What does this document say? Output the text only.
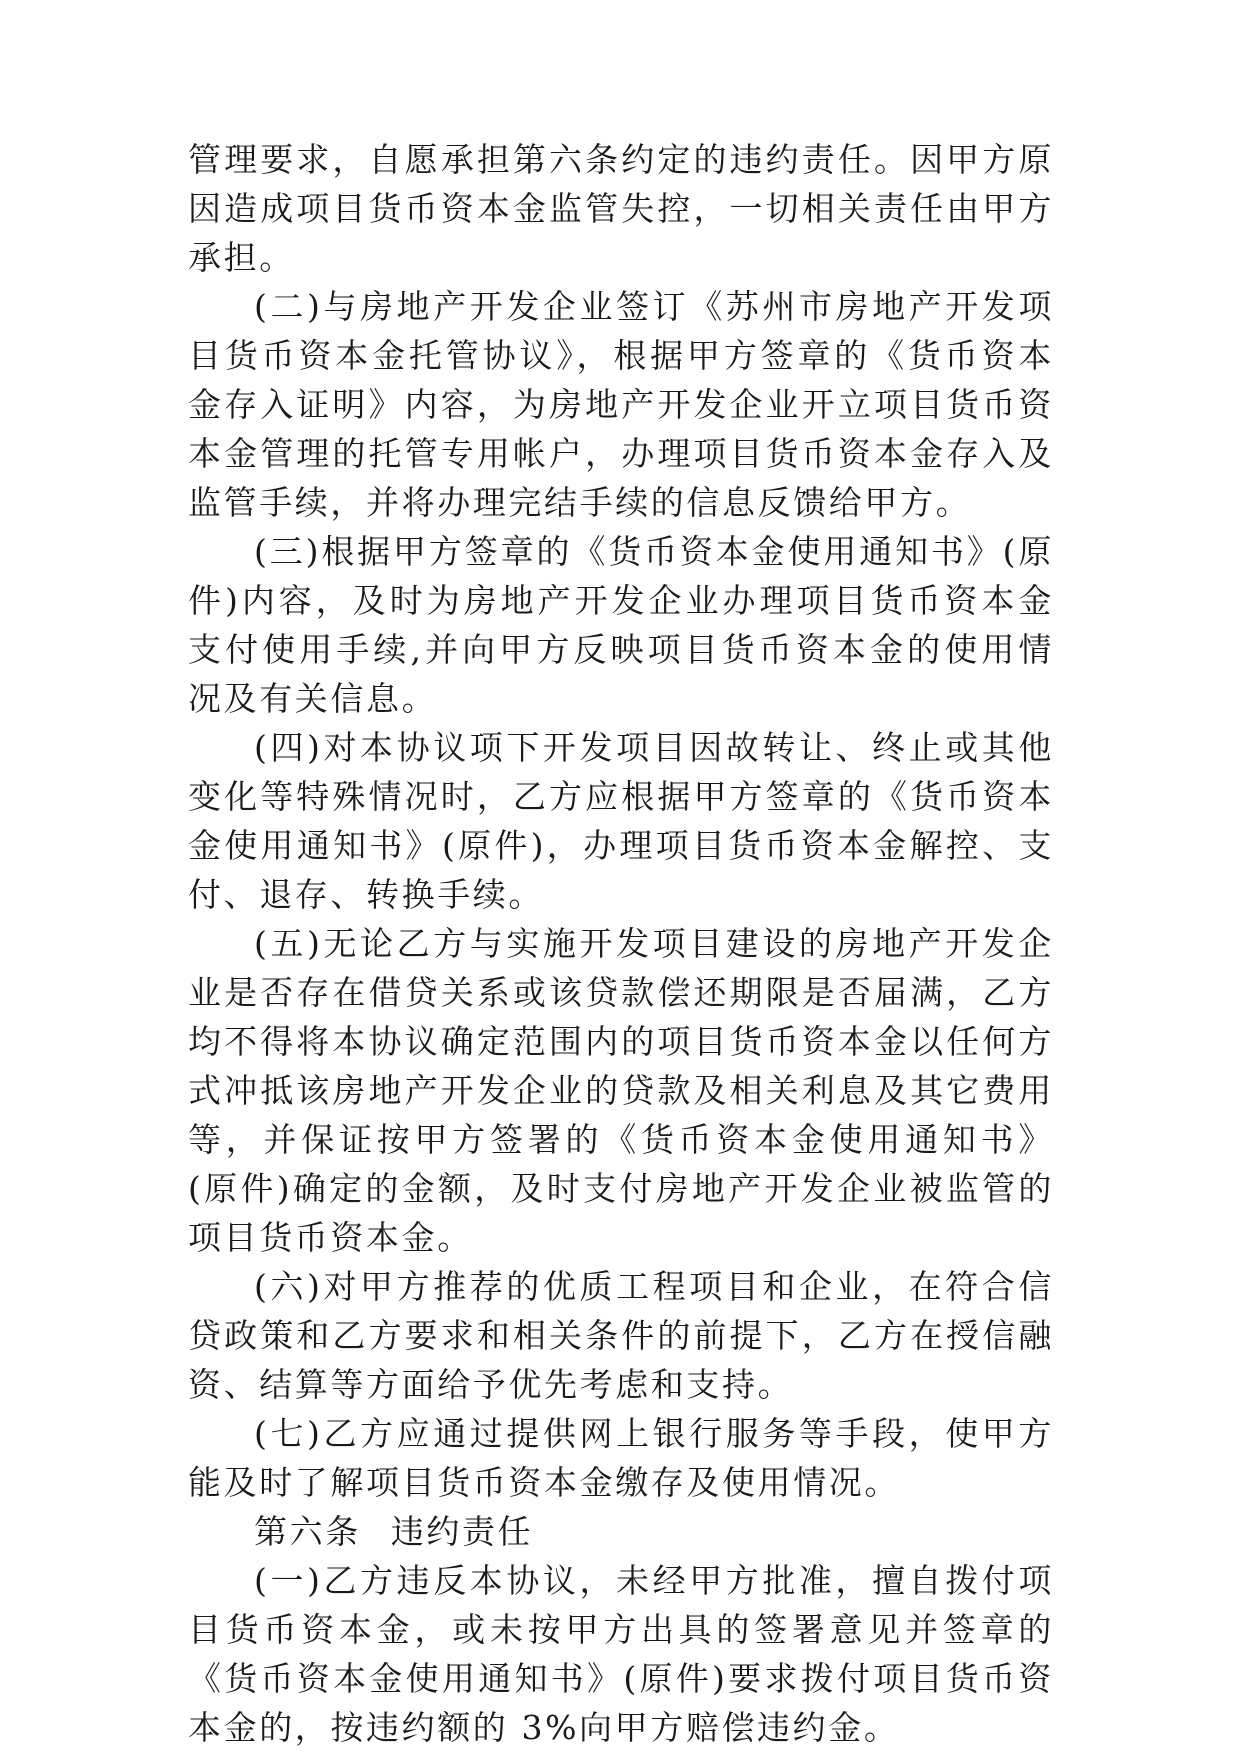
管理要求，自愿承担第六条约定的违约责任。因甲方原因造成项目货币资本金监管失控，一切相关责任由甲方承担。

(二)与房地产开发企业签订《苏州市房地产开发项目货币资本金托管协议》，根据甲方签章的《货币资本金存入证明》内容，为房地产开发企业开立项目货币资本金管理的托管专用帐户，办理项目货币资本金存入及监管手续，并将办理完结手续的信息反馈给甲方。

(三)根据甲方签章的《货币资本金使用通知书》(原件)内容，及时为房地产开发企业办理项目货币资本金支付使用手续,并向甲方反映项目货币资本金的使用情况及有关信息。

(四)对本协议项下开发项目因故转让、终止或其他变化等特殊情况时，乙方应根据甲方签章的《货币资本金使用通知书》(原件)，办理项目货币资本金解控、支付、退存、转换手续。

(五)无论乙方与实施开发项目建设的房地产开发企业是否存在借贷关系或该贷款偿还期限是否届满，乙方均不得将本协议确定范围内的项目货币资本金以任何方式冲抵该房地产开发企业的贷款及相关利息及其它费用等，并保证按甲方签署的《货币资本金使用通知书》(原件)确定的金额，及时支付房地产开发企业被监管的项目货币资本金。

(六)对甲方推荐的优质工程项目和企业，在符合信贷政策和乙方要求和相关条件的前提下，乙方在授信融资、结算等方面给予优先考虑和支持。

(七)乙方应通过提供网上银行服务等手段，使甲方能及时了解项目货币资本金缴存及使用情况。

第六条 违约责任

(一)乙方违反本协议，未经甲方批准，擅自拨付项目货币资本金，或未按甲方出具的签署意见并签章的《货币资本金使用通知书》(原件)要求拨付项目货币资本金的，按违约额的 3%向甲方赔偿违约金。
